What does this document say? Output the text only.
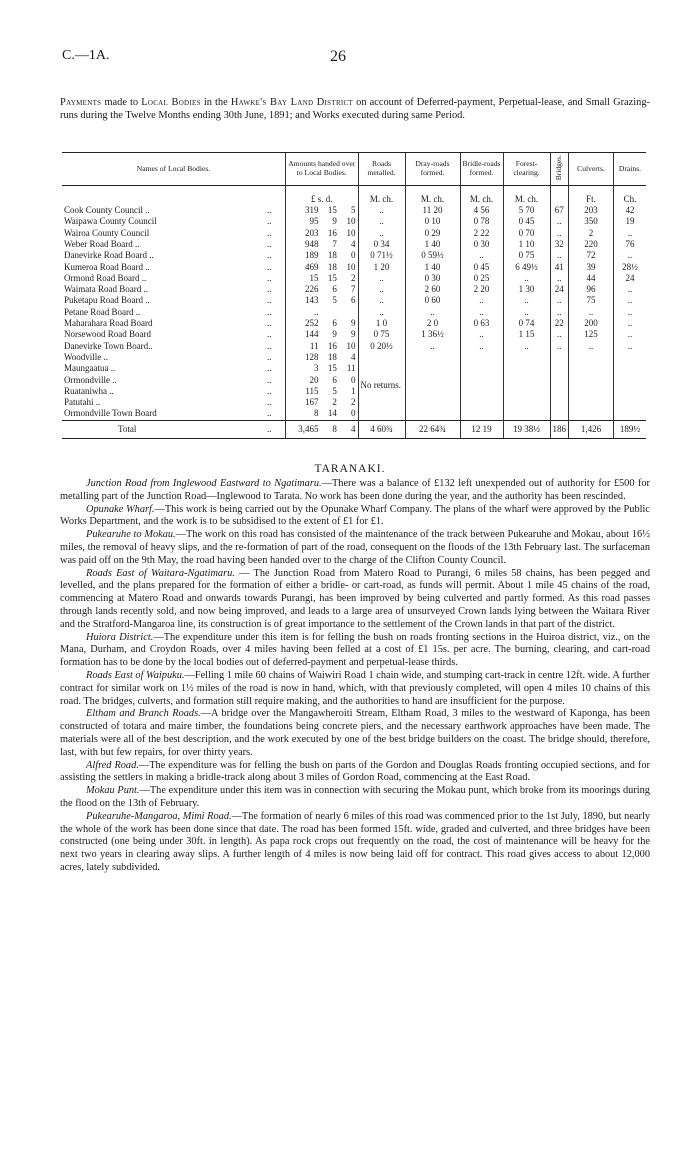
C.—1A.	26

Payments made to Local Bodies in the Hawke's Bay Land District on account of Deferred-payment, Perpetual-lease, and Small Grazing-runs during the Twelve Months ending 30th June, 1891; and Works executed during same Period.

Names of Local Bodies.		Amounts handed over to Local Bodies.			Roads metalled.	Dray-roads formed.	Bridle-roads formed.	Forest-clearing.	Bridges.	Culverts.	Drains.
		£ s. d.			M. ch.	M. ch.	M. ch.	M. ch.		Ft.	Ch.
Cook County Council ..	..	319	15	5	..	11 20	4 56	5 70	67	203	42
Waipawa County Council	..	95	9	10	..	0 10	0 78	0 45	..	350	19
Wairoa County Council	..	203	16	10	..	0 29	2 22	0 70	..	2	..
Weber Road Board ..	..	948	7	4	0 34	1 40	0 30	1 10	32	220	76
Danevirke Road Board ..	..	189	18	0	0 71½	0 59½	..	0 75	..	72	..
Kumeroa Road Board ..	..	469	18	10	1 20	1 40	0 45	6 49½	41	39	28½
Ormond Road Board ..	..	15	15	2	..	0 30	0 25	..	..	44	24
Waimata Road Board ..	..	226	6	7	..	2 60	2 20	1 30	24	96	..
Puketapu Road Board ..	..	143	5	6	..	0 60	..	..	..	75	..
Petane Road Board ..	..	..			..	..	..	..	..	..	..
Maharahara Road Board	..	252	6	9	1 0	2 0	0 63	0 74	22	200	..
Norsewood Road Board	..	144	9	9	0 75	1 36½	..	1 15	..	125	..
Danevirke Town Board..	..	11	16	10	0 20½	..	..	..	..	..	..
Woodville ..	..	128	18	4	No returns.						
Maungaatua ..	..	3	15	11							
Ormondville ..	..	20	6	0							
Ruataniwha ..	..	115	5	1							
Patutahi ..	..	167	2	2							
Ormondville Town Board	..	8	14	0							
Total	..	3,465	8	4	4 60¾	22 64¾	12 19	19 38½	186	1,426	189½
TARANAKI.

Junction Road from Inglewood Eastward to Ngatimaru.—There was a balance of £132 left unexpended out of authority for £500 for metalling part of the Junction Road—Inglewood to Tarata. No work has been done during the year, and the authority has been rescinded.

Opunake Wharf.—This work is being carried out by the Opunake Wharf Company. The plans of the wharf were approved by the Public Works Department, and the work is to be subsidised to the extent of £1 for £1.

Pukearuhe to Mokau.—The work on this road has consisted of the maintenance of the track between Pukearuhe and Mokau, about 16½ miles, the removal of heavy slips, and the re-formation of part of the road, consequent on the floods of the 13th February last. The surfaceman was paid off on the 9th May, the road having been handed over to the charge of the Clifton County Council.

Roads East of Waitara-Ngatimaru. — The Junction Road from Matero Road to Purangi, 6 miles 58 chains, has been pegged and levelled, and the plans prepared for the formation of either a bridle- or cart-road, as funds will permit. About 1 mile 45 chains of the road, commencing at Matero Road and onwards towards Purangi, has been improved by being culverted and partly formed. As this road passes through lands recently sold, and now being improved, and leads to a large area of unsurveyed Crown lands lying between the Waitara River and the Stratford-Mangaroa line, its construction is of great importance to the settlement of the Crown lands in that part of the district.

Huiora District.—The expenditure under this item is for felling the bush on roads fronting sections in the Huiroa district, viz., on the Mana, Durham, and Croydon Roads, over 4 miles having been felled at a cost of £1 15s. per acre. The burning, clearing, and cart-road formation has to be done by the local bodies out of deferred-payment and perpetual-lease thirds.

Roads East of Waipuku.—Felling 1 mile 60 chains of Waiwiri Road 1 chain wide, and stumping cart-track in centre 12ft. wide. A further contract for similar work on 1½ miles of the road is now in hand, which, with that previously completed, will open 4 miles 10 chains of this road. The bridges, culverts, and formation still require making, and the authorities to hand are insufficient for the purpose.

Eltham and Branch Roads.—A bridge over the Mangawheroiti Stream, Eltham Road, 3 miles to the westward of Kaponga, has been constructed of totara and maire timber, the foundations being concrete piers, and the necessary earthwork approaches have been made. The materials were all of the best description, and the work executed by one of the best bridge builders on the coast. The bridge should, therefore, last, with but few repairs, for over thirty years.

Alfred Road.—The expenditure was for felling the bush on parts of the Gordon and Douglas Roads fronting occupied sections, and for assisting the settlers in making a bridle-track along about 3 miles of Gordon Road, commencing at the East Road.

Mokau Punt.—The expenditure under this item was in connection with securing the Mokau punt, which broke from its moorings during the flood on the 13th of February.

Pukearuhe-Mangaroa, Mimi Road.—The formation of nearly 6 miles of this road was commenced prior to the 1st July, 1890, but nearly the whole of the work has been done since that date. The road has been formed 15ft. wide, graded and culverted, and three bridges have been constructed (one being under 30ft. in length). As papa rock crops out frequently on the road, the cost of maintenance will be heavy for the next two years in clearing away slips. A further length of 4 miles is now being laid off for contract. This road gives access to about 12,000 acres, lately subdivided.
